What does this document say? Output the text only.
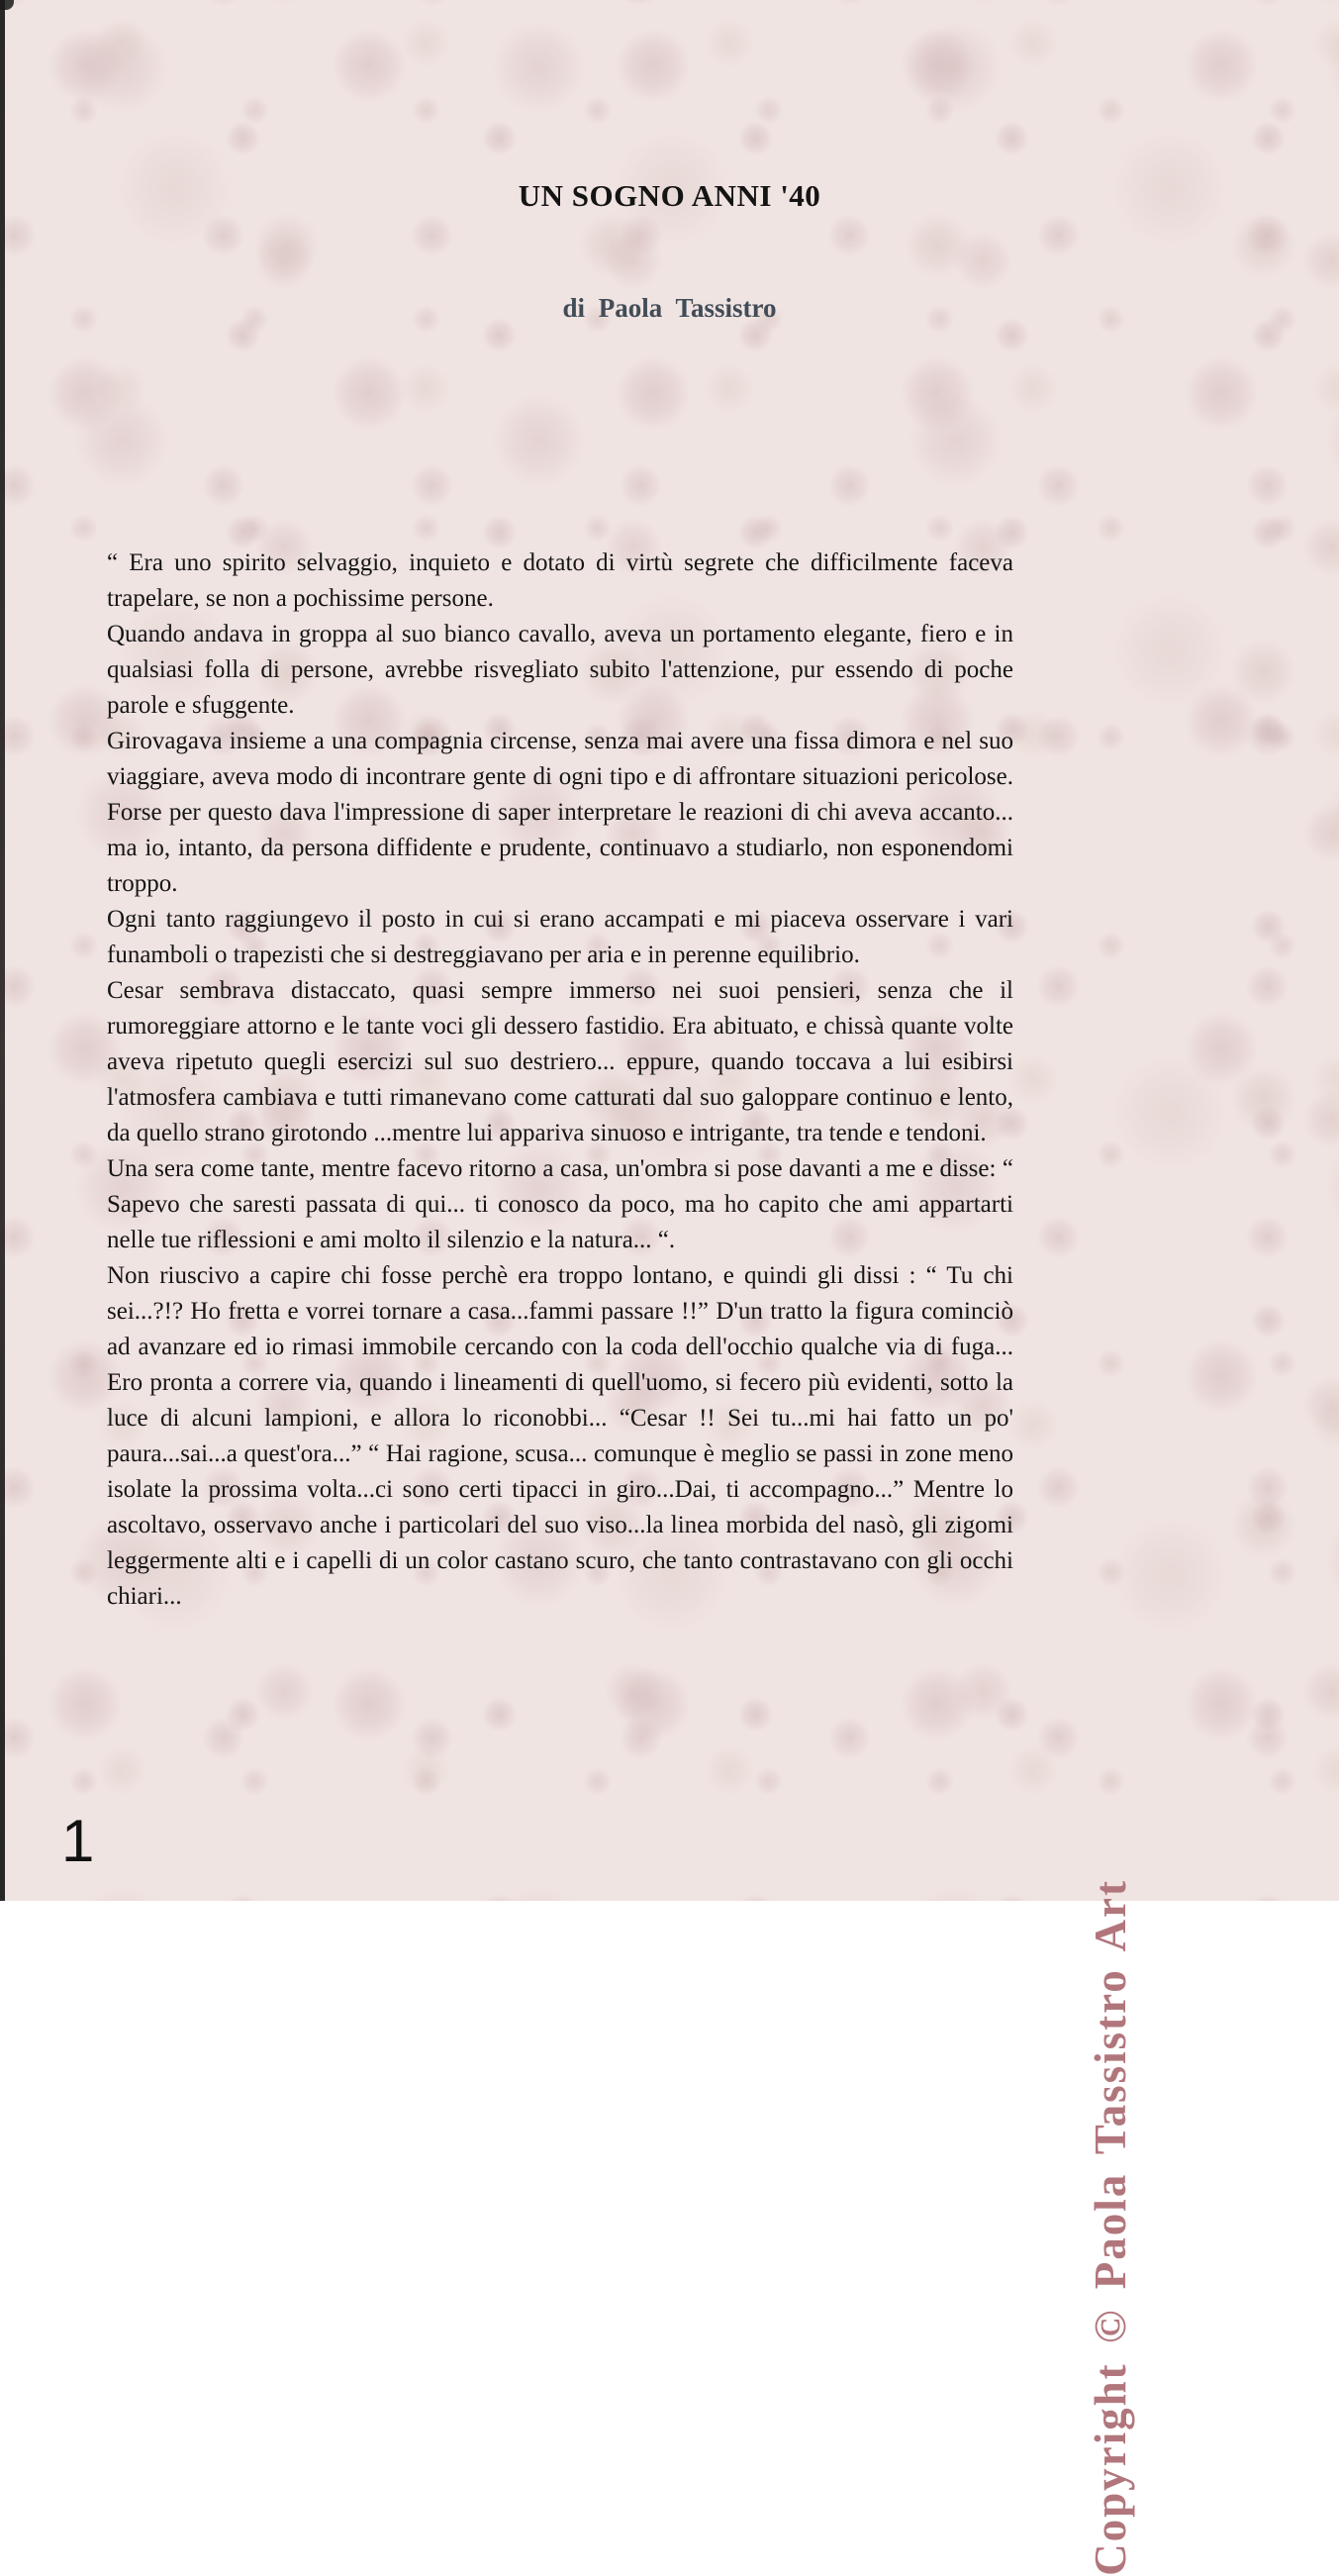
UN SOGNO ANNI '40
di Paola Tassistro

“ Era uno spirito selvaggio, inquieto e dotato di virtù segrete che difficilmente faceva trapelare, se non a pochissime persone.

Quando andava in groppa al suo bianco cavallo, aveva un portamento elegante, fiero e in qualsiasi folla di persone, avrebbe risvegliato subito l'attenzione, pur essendo di poche parole e sfuggente.

Girovagava insieme a una compagnia circense, senza mai avere una fissa dimora e nel suo viaggiare, aveva modo di incontrare gente di ogni tipo e di affrontare situazioni pericolose. Forse per questo dava l'impressione di saper interpretare le reazioni di chi aveva accanto... ma io, intanto, da persona diffidente e prudente, continuavo a studiarlo, non esponendomi troppo.

Ogni tanto raggiungevo il posto in cui si erano accampati e mi piaceva osservare i vari funamboli o trapezisti che si destreggiavano per aria e in perenne equilibrio.

Cesar sembrava distaccato, quasi sempre immerso nei suoi pensieri, senza che il rumoreggiare attorno e le tante voci gli dessero fastidio. Era abituato, e chissà quante volte aveva ripetuto quegli esercizi sul suo destriero... eppure, quando toccava a lui esibirsi l'atmosfera cambiava e tutti rimanevano come catturati dal suo galoppare continuo e lento, da quello strano girotondo ...mentre lui appariva sinuoso e intrigante, tra tende e tendoni.

Una sera come tante, mentre facevo ritorno a casa, un'ombra si pose davanti a me e disse: “ Sapevo che saresti passata di qui... ti conosco da poco, ma ho capito che ami appartarti nelle tue riflessioni e ami molto il silenzio e la natura... “.

Non riuscivo a capire chi fosse perchè era troppo lontano, e quindi gli dissi : “ Tu chi sei...?!? Ho fretta e vorrei tornare a casa...fammi passare !!” D'un tratto la figura cominciò ad avanzare ed io rimasi immobile cercando con la coda dell'occhio qualche via di fuga... Ero pronta a correre via, quando i lineamenti di quell'uomo, si fecero più evidenti, sotto la luce di alcuni lampioni, e allora lo riconobbi... “Cesar !! Sei tu...mi hai fatto un po' paura...sai...a quest'ora...” “ Hai ragione, scusa... comunque è meglio se passi in zone meno isolate la prossima volta...ci sono certi tipacci in giro...Dai, ti accompagno...” Mentre lo ascoltavo, osservavo anche i particolari del suo viso...la linea morbida del nasò, gli zigomi leggermente alti e i capelli di un color castano scuro, che tanto contrastavano con gli occhi chiari...

Copyright © Paola Tassistro Art
1
